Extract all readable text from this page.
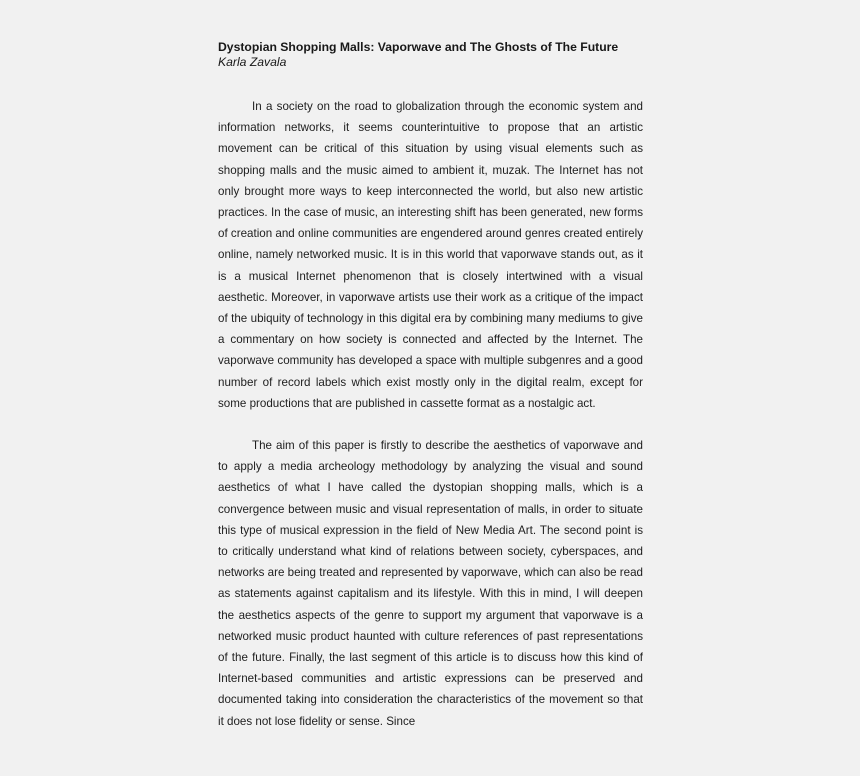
Dystopian Shopping Malls: Vaporwave and The Ghosts of The Future
Karla Zavala

In a society on the road to globalization through the economic system and information networks, it seems counterintuitive to propose that an artistic movement can be critical of this situation by using visual elements such as shopping malls and the music aimed to ambient it, muzak. The Internet has not only brought more ways to keep interconnected the world, but also new artistic practices. In the case of music, an interesting shift has been generated, new forms of creation and online communities are engendered around genres created entirely online, namely networked music. It is in this world that vaporwave stands out, as it is a musical Internet phenomenon that is closely intertwined with a visual aesthetic. Moreover, in vaporwave artists use their work as a critique of the impact of the ubiquity of technology in this digital era by combining many mediums to give a commentary on how society is connected and affected by the Internet. The vaporwave community has developed a space with multiple subgenres and a good number of record labels which exist mostly only in the digital realm, except for some productions that are published in cassette format as a nostalgic act.

The aim of this paper is firstly to describe the aesthetics of vaporwave and to apply a media archeology methodology by analyzing the visual and sound aesthetics of what I have called the dystopian shopping malls, which is a convergence between music and visual representation of malls, in order to situate this type of musical expression in the field of New Media Art. The second point is to critically understand what kind of relations between society, cyberspaces, and networks are being treated and represented by vaporwave, which can also be read as statements against capitalism and its lifestyle. With this in mind, I will deepen the aesthetics aspects of the genre to support my argument that vaporwave is a networked music product haunted with culture references of past representations of the future. Finally, the last segment of this article is to discuss how this kind of Internet-based communities and artistic expressions can be preserved and documented taking into consideration the characteristics of the movement so that it does not lose fidelity or sense. Since
